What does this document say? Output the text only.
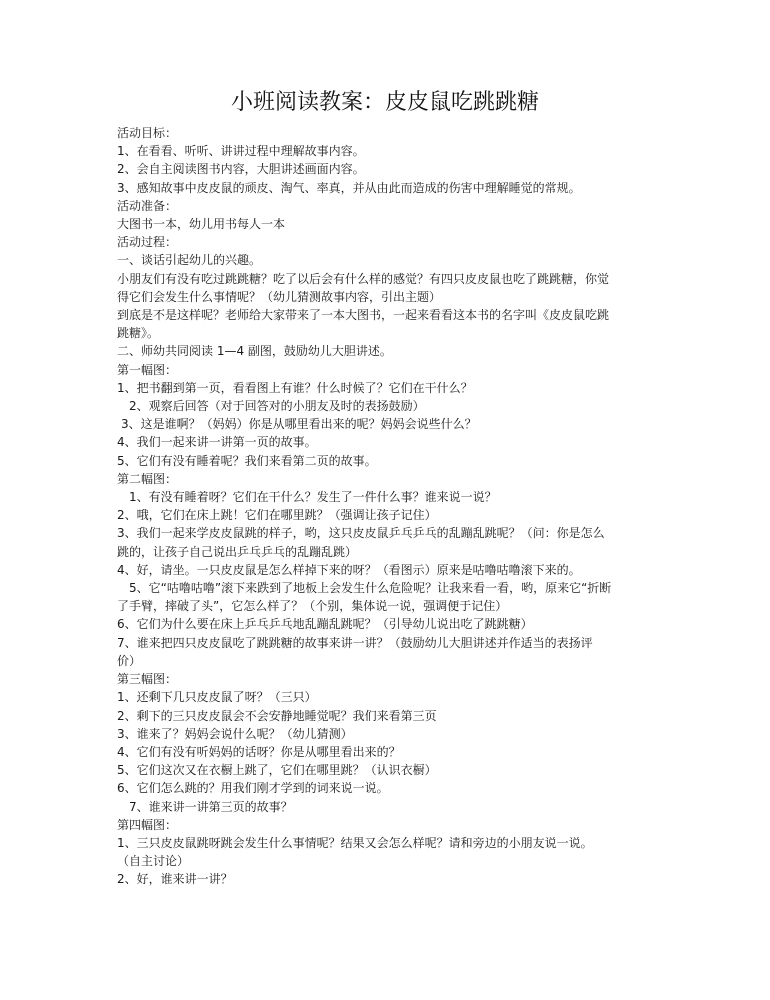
小班阅读教案：皮皮鼠吃跳跳糖

活动目标：

1、在看看、听听、讲讲过程中理解故事内容。

2、会自主阅读图书内容，大胆讲述画面内容。

3、感知故事中皮皮鼠的顽皮、淘气、率真，并从由此而造成的伤害中理解睡觉的常规。

活动准备：

大图书一本，幼儿用书每人一本

活动过程：

一、谈话引起幼儿的兴趣。

小朋友们有没有吃过跳跳糖？吃了以后会有什么样的感觉？有四只皮皮鼠也吃了跳跳糖，你觉

得它们会发生什么事情呢？（幼儿猜测故事内容，引出主题）

到底是不是这样呢？老师给大家带来了一本大图书，一起来看看这本书的名字叫《皮皮鼠吃跳

跳糖》。

二、师幼共同阅读 1—4 副图，鼓励幼儿大胆讲述。

第一幅图：

1、把书翻到第一页，看看图上有谁？什么时候了？它们在干什么？

2、观察后回答（对于回答对的小朋友及时的表扬鼓励）

3、这是谁啊？（妈妈）你是从哪里看出来的呢？妈妈会说些什么？

4、我们一起来讲一讲第一页的故事。

5、它们有没有睡着呢？我们来看第二页的故事。

第二幅图：

1、有没有睡着呀？它们在干什么？发生了一件什么事？谁来说一说？

2、哦，它们在床上跳！它们在哪里跳？（强调让孩子记住）

3、我们一起来学皮皮鼠跳的样子，哟，这只皮皮鼠乒乓乒乓的乱蹦乱跳呢？（问：你是怎么

跳的，让孩子自己说出乒乓乒乓的乱蹦乱跳）

4、好，请坐。一只皮皮鼠是怎么样掉下来的呀？（看图示）原来是咕噜咕噜滚下来的。

5、它“咕噜咕噜”滚下来跌到了地板上会发生什么危险呢？让我来看一看，哟，原来它“折断

了手臂，摔破了头”，它怎么样了？（个别，集体说一说，强调便于记住）

6、它们为什么要在床上乒乓乒乓地乱蹦乱跳呢？（引导幼儿说出吃了跳跳糖）

7、谁来把四只皮皮鼠吃了跳跳糖的故事来讲一讲？（鼓励幼儿大胆讲述并作适当的表扬评

价）

第三幅图：

1、还剩下几只皮皮鼠了呀？（三只）

2、剩下的三只皮皮鼠会不会安静地睡觉呢？我们来看第三页

3、谁来了？妈妈会说什么呢？（幼儿猜测）

4、它们有没有听妈妈的话呀？你是从哪里看出来的？

5、它们这次又在衣橱上跳了，它们在哪里跳？（认识衣橱）

6、它们怎么跳的？用我们刚才学到的词来说一说。

7、谁来讲一讲第三页的故事？

第四幅图：

1、三只皮皮鼠跳呀跳会发生什么事情呢？结果又会怎么样呢？请和旁边的小朋友说一说。

（自主讨论）

2、好，谁来讲一讲？
